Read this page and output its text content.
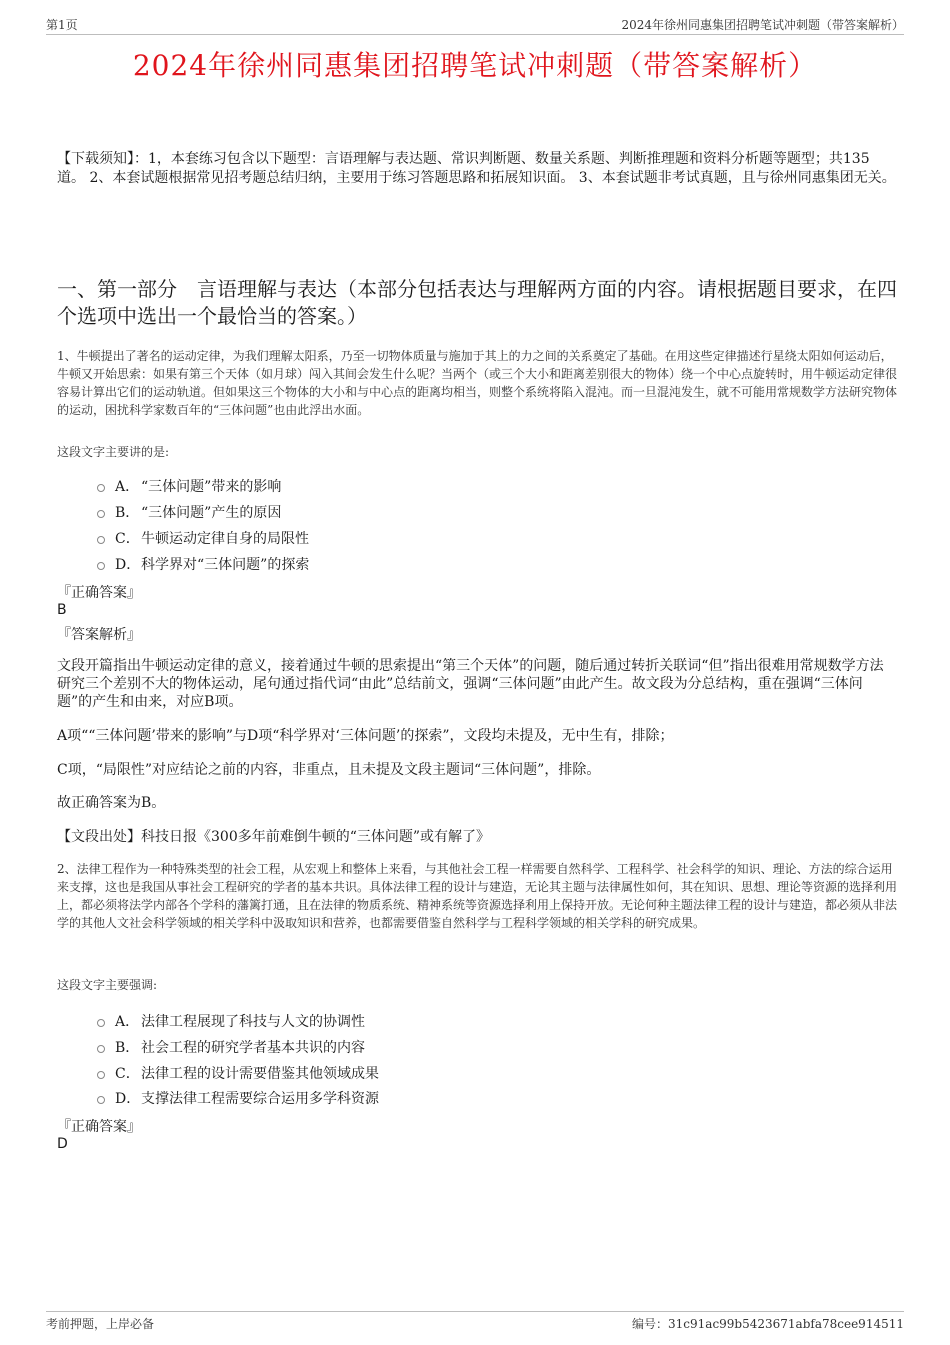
第1页	2024年徐州同惠集团招聘笔试冲刺题（带答案解析）
2024年徐州同惠集团招聘笔试冲刺题（带答案解析）
【下载须知】：1，本套练习包含以下题型：言语理解与表达题、常识判断题、数量关系题、判断推理题和资料分析题等题型；共135道。 2、本套试题根据常见招考题总结归纳，主要用于练习答题思路和拓展知识面。 3、本套试题非考试真题，且与徐州同惠集团无关。
一、第一部分　言语理解与表达（本部分包括表达与理解两方面的内容。请根据题目要求，在四个选项中选出一个最恰当的答案。）
1、牛顿提出了著名的运动定律，为我们理解太阳系，乃至一切物体质量与施加于其上的力之间的关系奠定了基础。在用这些定律描述行星绕太阳如何运动后，牛顿又开始思索：如果有第三个天体（如月球）闯入其间会发生什么呢？当两个（或三个大小和距离差别很大的物体）绕一个中心点旋转时，用牛顿运动定律很容易计算出它们的运动轨道。但如果这三个物体的大小和与中心点的距离均相当，则整个系统将陷入混沌。而一旦混沌发生，就不可能用常规数学方法研究物体的运动，困扰科学家数百年的“三体问题”也由此浮出水面。
这段文字主要讲的是:
A． “三体问题”带来的影响
B． “三体问题”产生的原因
C． 牛顿运动定律自身的局限性
D． 科学界对“三体问题”的探索
『正确答案』
B
『答案解析』
文段开篇指出牛顿运动定律的意义，接着通过牛顿的思索提出“第三个天体”的问题，随后通过转折关联词“但”指出很难用常规数学方法研究三个差别不大的物体运动，尾句通过指代词“由此”总结前文，强调“三体问题”由此产生。故文段为分总结构，重在强调“三体问题”的产生和由来，对应B项。
A项““三体问题’带来的影响”与D项“科学界对‘三体问题’的探索”，文段均未提及，无中生有，排除；
C项，“局限性”对应结论之前的内容，非重点，且未提及文段主题词“三体问题”，排除。
故正确答案为B。
【文段出处】科技日报《300多年前难倒牛顿的“三体问题”或有解了》
2、法律工程作为一种特殊类型的社会工程，从宏观上和整体上来看，与其他社会工程一样需要自然科学、工程科学、社会科学的知识、理论、方法的综合运用来支撑，这也是我国从事社会工程研究的学者的基本共识。具体法律工程的设计与建造，无论其主题与法律属性如何，其在知识、思想、理论等资源的选择利用上，都必须将法学内部各个学科的藩篱打通，且在法律的物质系统、精神系统等资源选择利用上保持开放。无论何种主题法律工程的设计与建造，都必须从非法学的其他人文社会科学领域的相关学科中汲取知识和营养，也都需要借鉴自然科学与工程科学领域的相关学科的研究成果。
这段文字主要强调:
A． 法律工程展现了科技与人文的协调性
B． 社会工程的研究学者基本共识的内容
C． 法律工程的设计需要借鉴其他领域成果
D． 支撑法律工程需要综合运用多学科资源
『正确答案』
D
考前押题，上岸必备	编号：31c91ac99b5423671abfa78cee914511
